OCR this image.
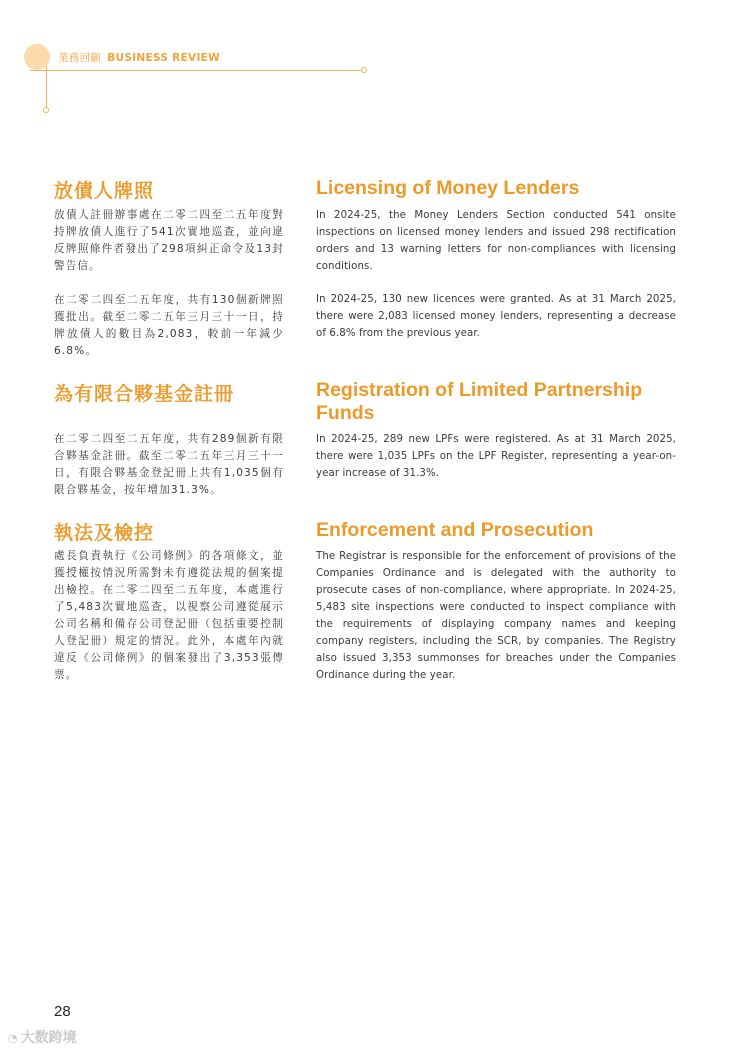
業務回顧 BUSINESS REVIEW
放債人牌照	Licensing of Money Lenders

放債人註冊辦事處在二零二四至二五年度對持牌放債人進行了541次實地巡查，並向違反牌照條件者發出了298項糾正命令及13封警告信。

在二零二四至二五年度，共有130個新牌照獲批出。截至二零二五年三月三十一日，持牌放債人的數目為2,083，較前一年減少6.8%。

In 2024-25, the Money Lenders Section conducted 541 onsite inspections on licensed money lenders and issued 298 rectification orders and 13 warning letters for non-compliances with licensing conditions.

In 2024-25, 130 new licences were granted. As at 31 March 2025, there were 2,083 licensed money lenders, representing a decrease of 6.8% from the previous year.

為有限合夥基金註冊	Registration of Limited Partnership Funds

在二零二四至二五年度，共有289個新有限合夥基金註冊。截至二零二五年三月三十一日，有限合夥基金登記冊上共有1,035個有限合夥基金，按年增加31.3%。

In 2024-25, 289 new LPFs were registered. As at 31 March 2025, there were 1,035 LPFs on the LPF Register, representing a year-on-year increase of 31.3%.

執法及檢控	Enforcement and Prosecution

處長負責執行《公司條例》的各項條文，並獲授權按情況所需對未有遵從法規的個案提出檢控。在二零二四至二五年度，本處進行了5,483次實地巡查，以視察公司遵從展示公司名稱和備存公司登記冊（包括重要控制人登記冊）規定的情況。此外，本處年內就違反《公司條例》的個案發出了3,353張傳票。

The Registrar is responsible for the enforcement of provisions of the Companies Ordinance and is delegated with the authority to prosecute cases of non-compliance, where appropriate. In 2024-25, 5,483 site inspections were conducted to inspect compliance with the requirements of displaying company names and keeping company registers, including the SCR, by companies. The Registry also issued 3,353 summonses for breaches under the Companies Ordinance during the year.

28
◔ 大数跨境
